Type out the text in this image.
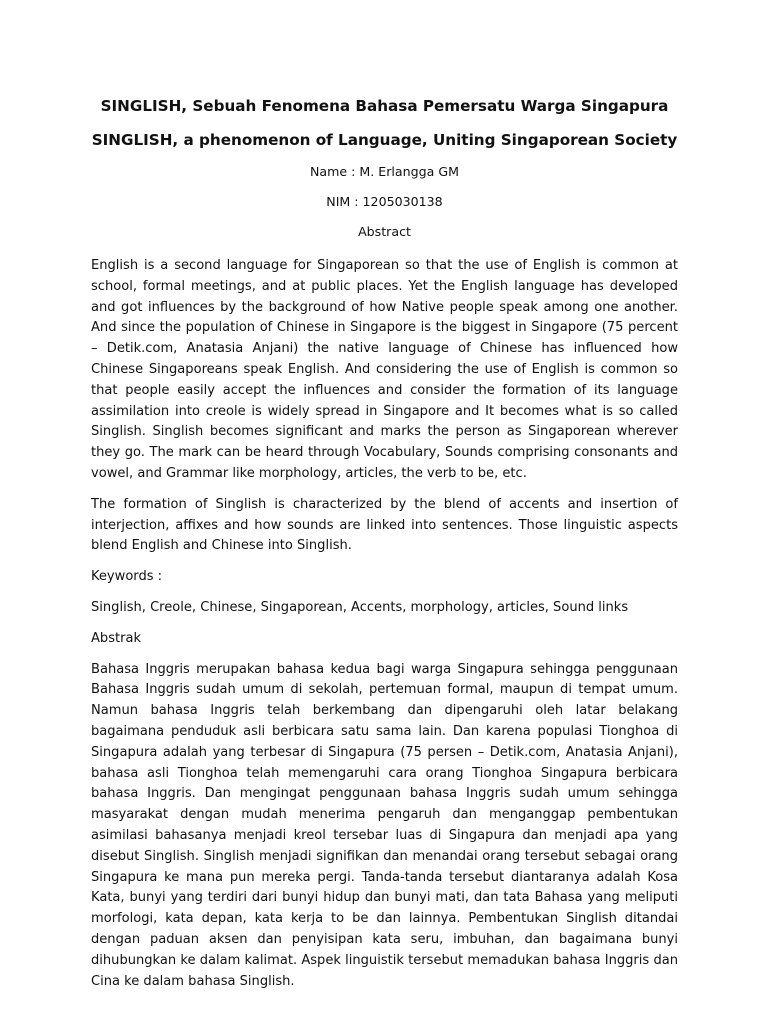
SINGLISH, Sebuah Fenomena Bahasa Pemersatu Warga Singapura
SINGLISH, a phenomenon of Language, Uniting Singaporean Society
Name : M. Erlangga GM
NIM : 1205030138
Abstract

English is a second language for Singaporean so that the use of English is common at school, formal meetings, and at public places. Yet the English language has developed and got influences by the background of how Native people speak among one another. And since the population of Chinese in Singapore is the biggest in Singapore (75 percent – Detik.com, Anatasia Anjani) the native language of Chinese has influenced how Chinese Singaporeans speak English. And considering the use of English is common so that people easily accept the influences and consider the formation of its language assimilation into creole is widely spread in Singapore and It becomes what is so called Singlish. Singlish becomes significant and marks the person as Singaporean wherever they go. The mark can be heard through Vocabulary, Sounds comprising consonants and vowel, and Grammar like morphology, articles, the verb to be, etc.

The formation of Singlish is characterized by the blend of accents and insertion of interjection, affixes and how sounds are linked into sentences. Those linguistic aspects blend English and Chinese into Singlish.

Keywords :

Singlish, Creole, Chinese, Singaporean, Accents, morphology, articles, Sound links

Abstrak

Bahasa Inggris merupakan bahasa kedua bagi warga Singapura sehingga penggunaan Bahasa Inggris sudah umum di sekolah, pertemuan formal, maupun di tempat umum. Namun bahasa Inggris telah berkembang dan dipengaruhi oleh latar belakang bagaimana penduduk asli berbicara satu sama lain. Dan karena populasi Tionghoa di Singapura adalah yang terbesar di Singapura (75 persen – Detik.com, Anatasia Anjani), bahasa asli Tionghoa telah memengaruhi cara orang Tionghoa Singapura berbicara bahasa Inggris. Dan mengingat penggunaan bahasa Inggris sudah umum sehingga masyarakat dengan mudah menerima pengaruh dan menganggap pembentukan asimilasi bahasanya menjadi kreol tersebar luas di Singapura dan menjadi apa yang disebut Singlish. Singlish menjadi signifikan dan menandai orang tersebut sebagai orang Singapura ke mana pun mereka pergi. Tanda-tanda tersebut diantaranya adalah Kosa Kata, bunyi yang terdiri dari bunyi hidup dan bunyi mati, dan tata Bahasa yang meliputi morfologi, kata depan, kata kerja to be dan lainnya. Pembentukan Singlish ditandai dengan paduan aksen dan penyisipan kata seru, imbuhan, dan bagaimana bunyi dihubungkan ke dalam kalimat. Aspek linguistik tersebut memadukan bahasa Inggris dan Cina ke dalam bahasa Singlish.
